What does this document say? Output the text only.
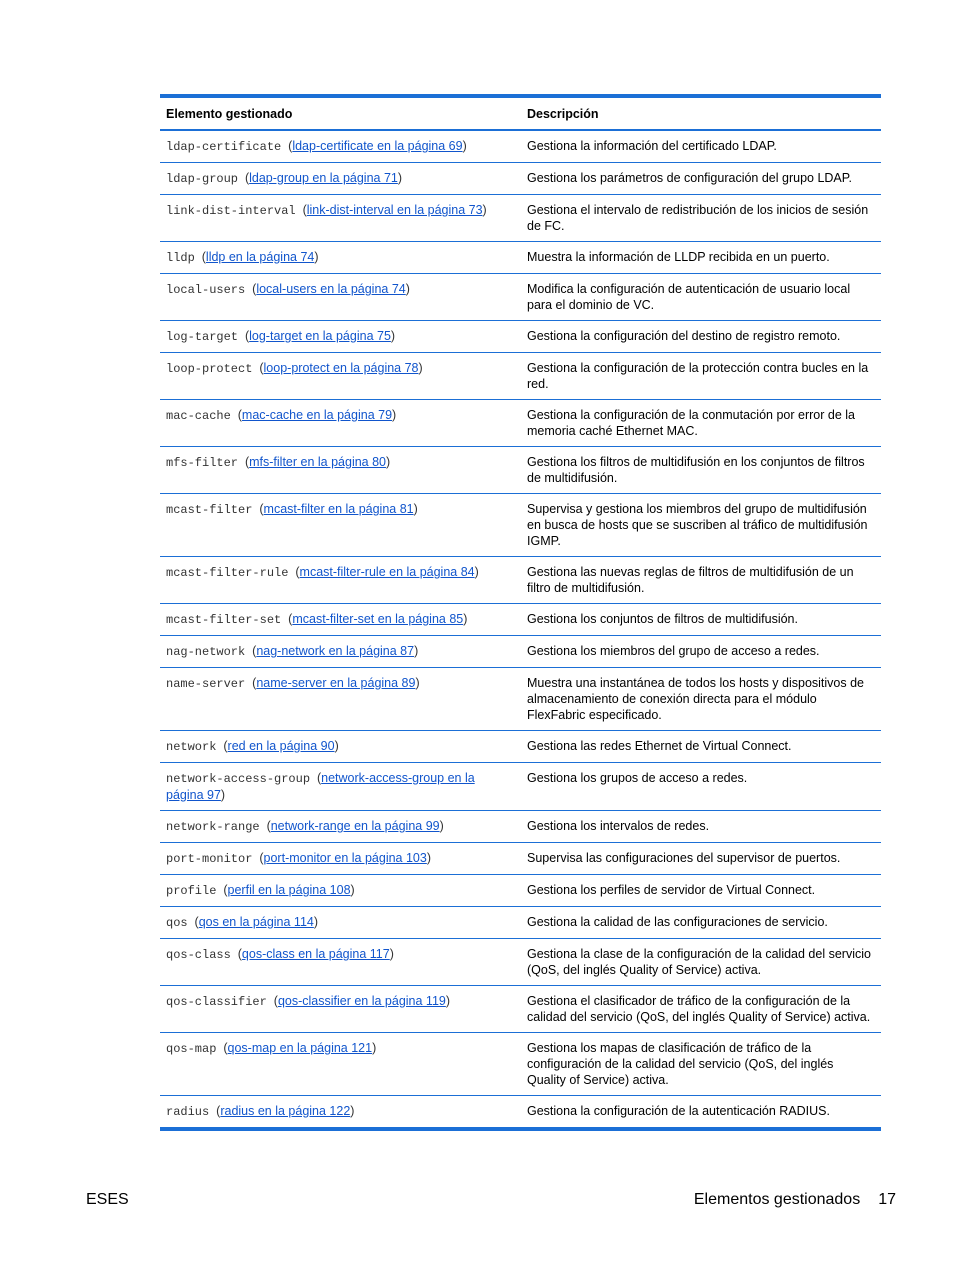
Elemento gestionado	Descripción
ldap-certificate  (ldap-certificate en la página 69)	Gestiona la información del certificado LDAP.
ldap-group  (ldap-group en la página 71)	Gestiona los parámetros de configuración del grupo LDAP.
link-dist-interval  (link-dist-interval en la página 73)	Gestiona el intervalo de redistribución de los inicios de sesión de FC.
lldp  (lldp en la página 74)	Muestra la información de LLDP recibida en un puerto.
local-users  (local-users en la página 74)	Modifica la configuración de autenticación de usuario local para el dominio de VC.
log-target  (log-target en la página 75)	Gestiona la configuración del destino de registro remoto.
loop-protect  (loop-protect en la página 78)	Gestiona la configuración de la protección contra bucles en la red.
mac-cache  (mac-cache en la página 79)	Gestiona la configuración de la conmutación por error de la memoria caché Ethernet MAC.
mfs-filter  (mfs-filter en la página 80)	Gestiona los filtros de multidifusión en los conjuntos de filtros de multidifusión.
mcast-filter  (mcast-filter en la página 81)	Supervisa y gestiona los miembros del grupo de multidifusión en busca de hosts que se suscriben al tráfico de multidifusión IGMP.
mcast-filter-rule  (mcast-filter-rule en la página 84)	Gestiona las nuevas reglas de filtros de multidifusión de un filtro de multidifusión.
mcast-filter-set  (mcast-filter-set en la página 85)	Gestiona los conjuntos de filtros de multidifusión.
nag-network  (nag-network en la página 87)	Gestiona los miembros del grupo de acceso a redes.
name-server  (name-server en la página 89)	Muestra una instantánea de todos los hosts y dispositivos de almacenamiento de conexión directa para el módulo FlexFabric especificado.
network  (red en la página 90)	Gestiona las redes Ethernet de Virtual Connect.
network-access-group  (network-access-group en la página 97)	Gestiona los grupos de acceso a redes.
network-range  (network-range en la página 99)	Gestiona los intervalos de redes.
port-monitor  (port-monitor en la página 103)	Supervisa las configuraciones del supervisor de puertos.
profile  (perfil en la página 108)	Gestiona los perfiles de servidor de Virtual Connect.
qos  (qos en la página 114)	Gestiona la calidad de las configuraciones de servicio.
qos-class  (qos-class en la página 117)	Gestiona la clase de la configuración de la calidad del servicio (QoS, del inglés Quality of Service) activa.
qos-classifier  (qos-classifier en la página 119)	Gestiona el clasificador de tráfico de la configuración de la calidad del servicio (QoS, del inglés Quality of Service) activa.
qos-map  (qos-map en la página 121)	Gestiona los mapas de clasificación de tráfico de la configuración de la calidad del servicio (QoS, del inglés Quality of Service) activa.
radius  (radius en la página 122)	Gestiona la configuración de la autenticación RADIUS.
ESES	Elementos gestionados 17
